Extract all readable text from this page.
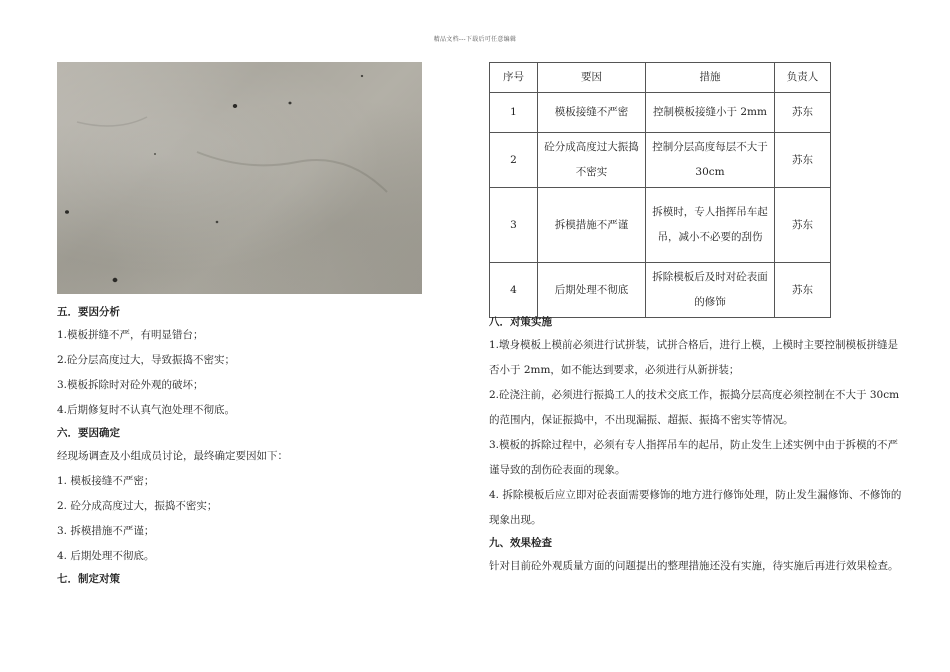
精品文档---下载后可任意编辑

五．要因分析

1.模板拼缝不严，有明显错台；

2.砼分层高度过大，导致振捣不密实；

3.模板拆除时对砼外观的破坏；

4.后期修复时不认真气泡处理不彻底。

六．要因确定

经现场调查及小组成员讨论，最终确定要因如下：

1. 模板接缝不严密；

2. 砼分成高度过大，振捣不密实；

3. 拆模措施不严谨；

4. 后期处理不彻底。

七．制定对策

序号	要因	措施	负责人
1	模板接缝不严密	控制模板接缝小于 2mm	苏东
2	砼分成高度过大振捣不密实	控制分层高度每层不大于 30cm	苏东
3	拆模措施不严谨	拆模时，专人指挥吊车起吊，减小不必要的刮伤	苏东
4	后期处理不彻底	拆除模板后及时对砼表面的修饰	苏东

八．对策实施

1.墩身模板上模前必须进行试拼装，试拼合格后，进行上模，上模时主要控制模板拼缝是否小于 2mm，如不能达到要求，必须进行从新拼装；

2.砼浇注前，必须进行振捣工人的技术交底工作，振捣分层高度必须控制在不大于 30cm 的范围内，保证振捣中，不出现漏振、超振、振捣不密实等情况。

3.模板的拆除过程中，必须有专人指挥吊车的起吊，防止发生上述实例中由于拆模的不严谨导致的刮伤砼表面的现象。

4. 拆除模板后应立即对砼表面需要修饰的地方进行修饰处理，防止发生漏修饰、不修饰的现象出现。

九、效果检查

针对目前砼外观质量方面的问题提出的整理措施还没有实施，待实施后再进行效果检查。
